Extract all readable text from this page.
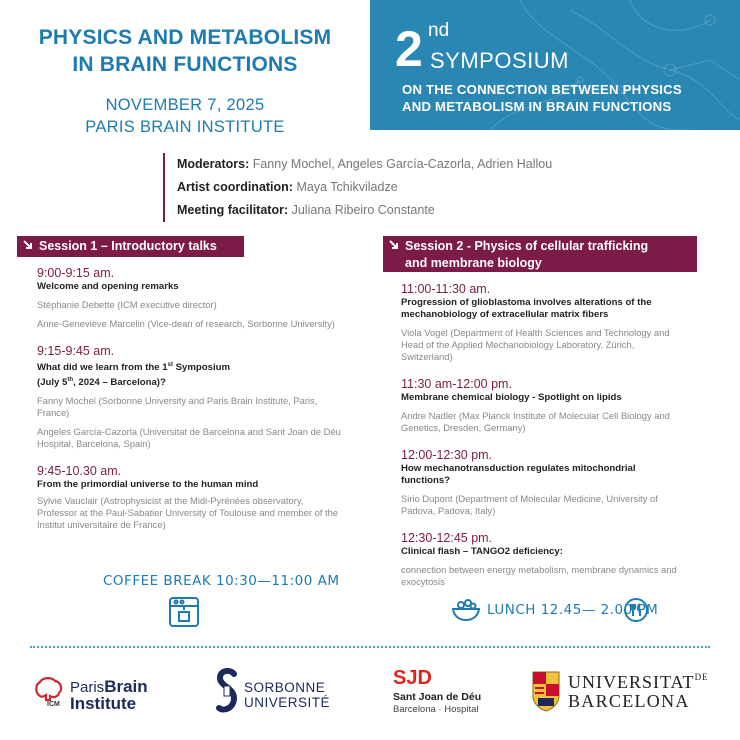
PHYSICS AND METABOLISM
IN BRAIN FUNCTIONS
NOVEMBER 7, 2025
PARIS BRAIN INSTITUTE
2 nd
SYMPOSIUM
ON THE CONNECTION BETWEEN PHYSICS
AND METABOLISM IN BRAIN FUNCTIONS
Moderators: Fanny Mochel, Angeles García-Cazorla, Adrien Hallou
Artist coordination: Maya Tchikviladze
Meeting facilitator: Juliana Ribeiro Constante
Session 1 – Introductory talks
9:00-9:15 am.
Welcome and opening remarks
Stéphanie Debette (ICM executive director)
Anne-Geneviève Marcelin (Vice-dean of research, Sorbonne University)
9:15-9:45 am.
What did we learn from the 1st Symposium
(July 5th, 2024 – Barcelona)?
Fanny Mochel (Sorbonne University and Paris Brain Institute, Paris, France)
Angeles García-Cazorla (Universitat de Barcelona and Sant Joan de Déu Hospital, Barcelona, Spain)
9:45-10.30 am.
From the primordial universe to the human mind
Sylvie Vauclair (Astrophysicist at the Midi-Pyrénées observatory, Professor at the Paul-Sabatier University of Toulouse and member of the Institut universitaire de France)
COFFEE BREAK 10:30—11:00 AM
Session 2 - Physics of cellular trafficking
and membrane biology
11:00-11:30 am.
Progression of glioblastoma involves alterations of the mechanobiology of extracellular matrix fibers
Viola Vogel (Department of Health Sciences and Technology and Head of the Applied Mechanobiology Laboratory, Zürich, Switzerland)
11:30 am-12:00 pm.
Membrane chemical biology - Spotlight on lipids
Andre Nadler (Max Planck Institute of Molecular Cell Biology and Genetics, Dresden, Germany)
12:00-12:30 pm.
How mechanotransduction regulates mitochondrial functions?
Sirio Dupont (Department of Molecular Medicine, University of Padova, Padova, Italy)
12:30-12:45 pm.
Clinical flash – TANGO2 deficiency:
connection between energy metabolism, membrane dynamics and exocytosis
LUNCH 12.45— 2.00 PM
ICM
ParisBrain
Institute
SORBONNE
UNIVERSITÉ
SJD
Sant Joan de Déu
Barcelona · Hospital
$UNIVERSITAT^{DE}$
BARCELONA
